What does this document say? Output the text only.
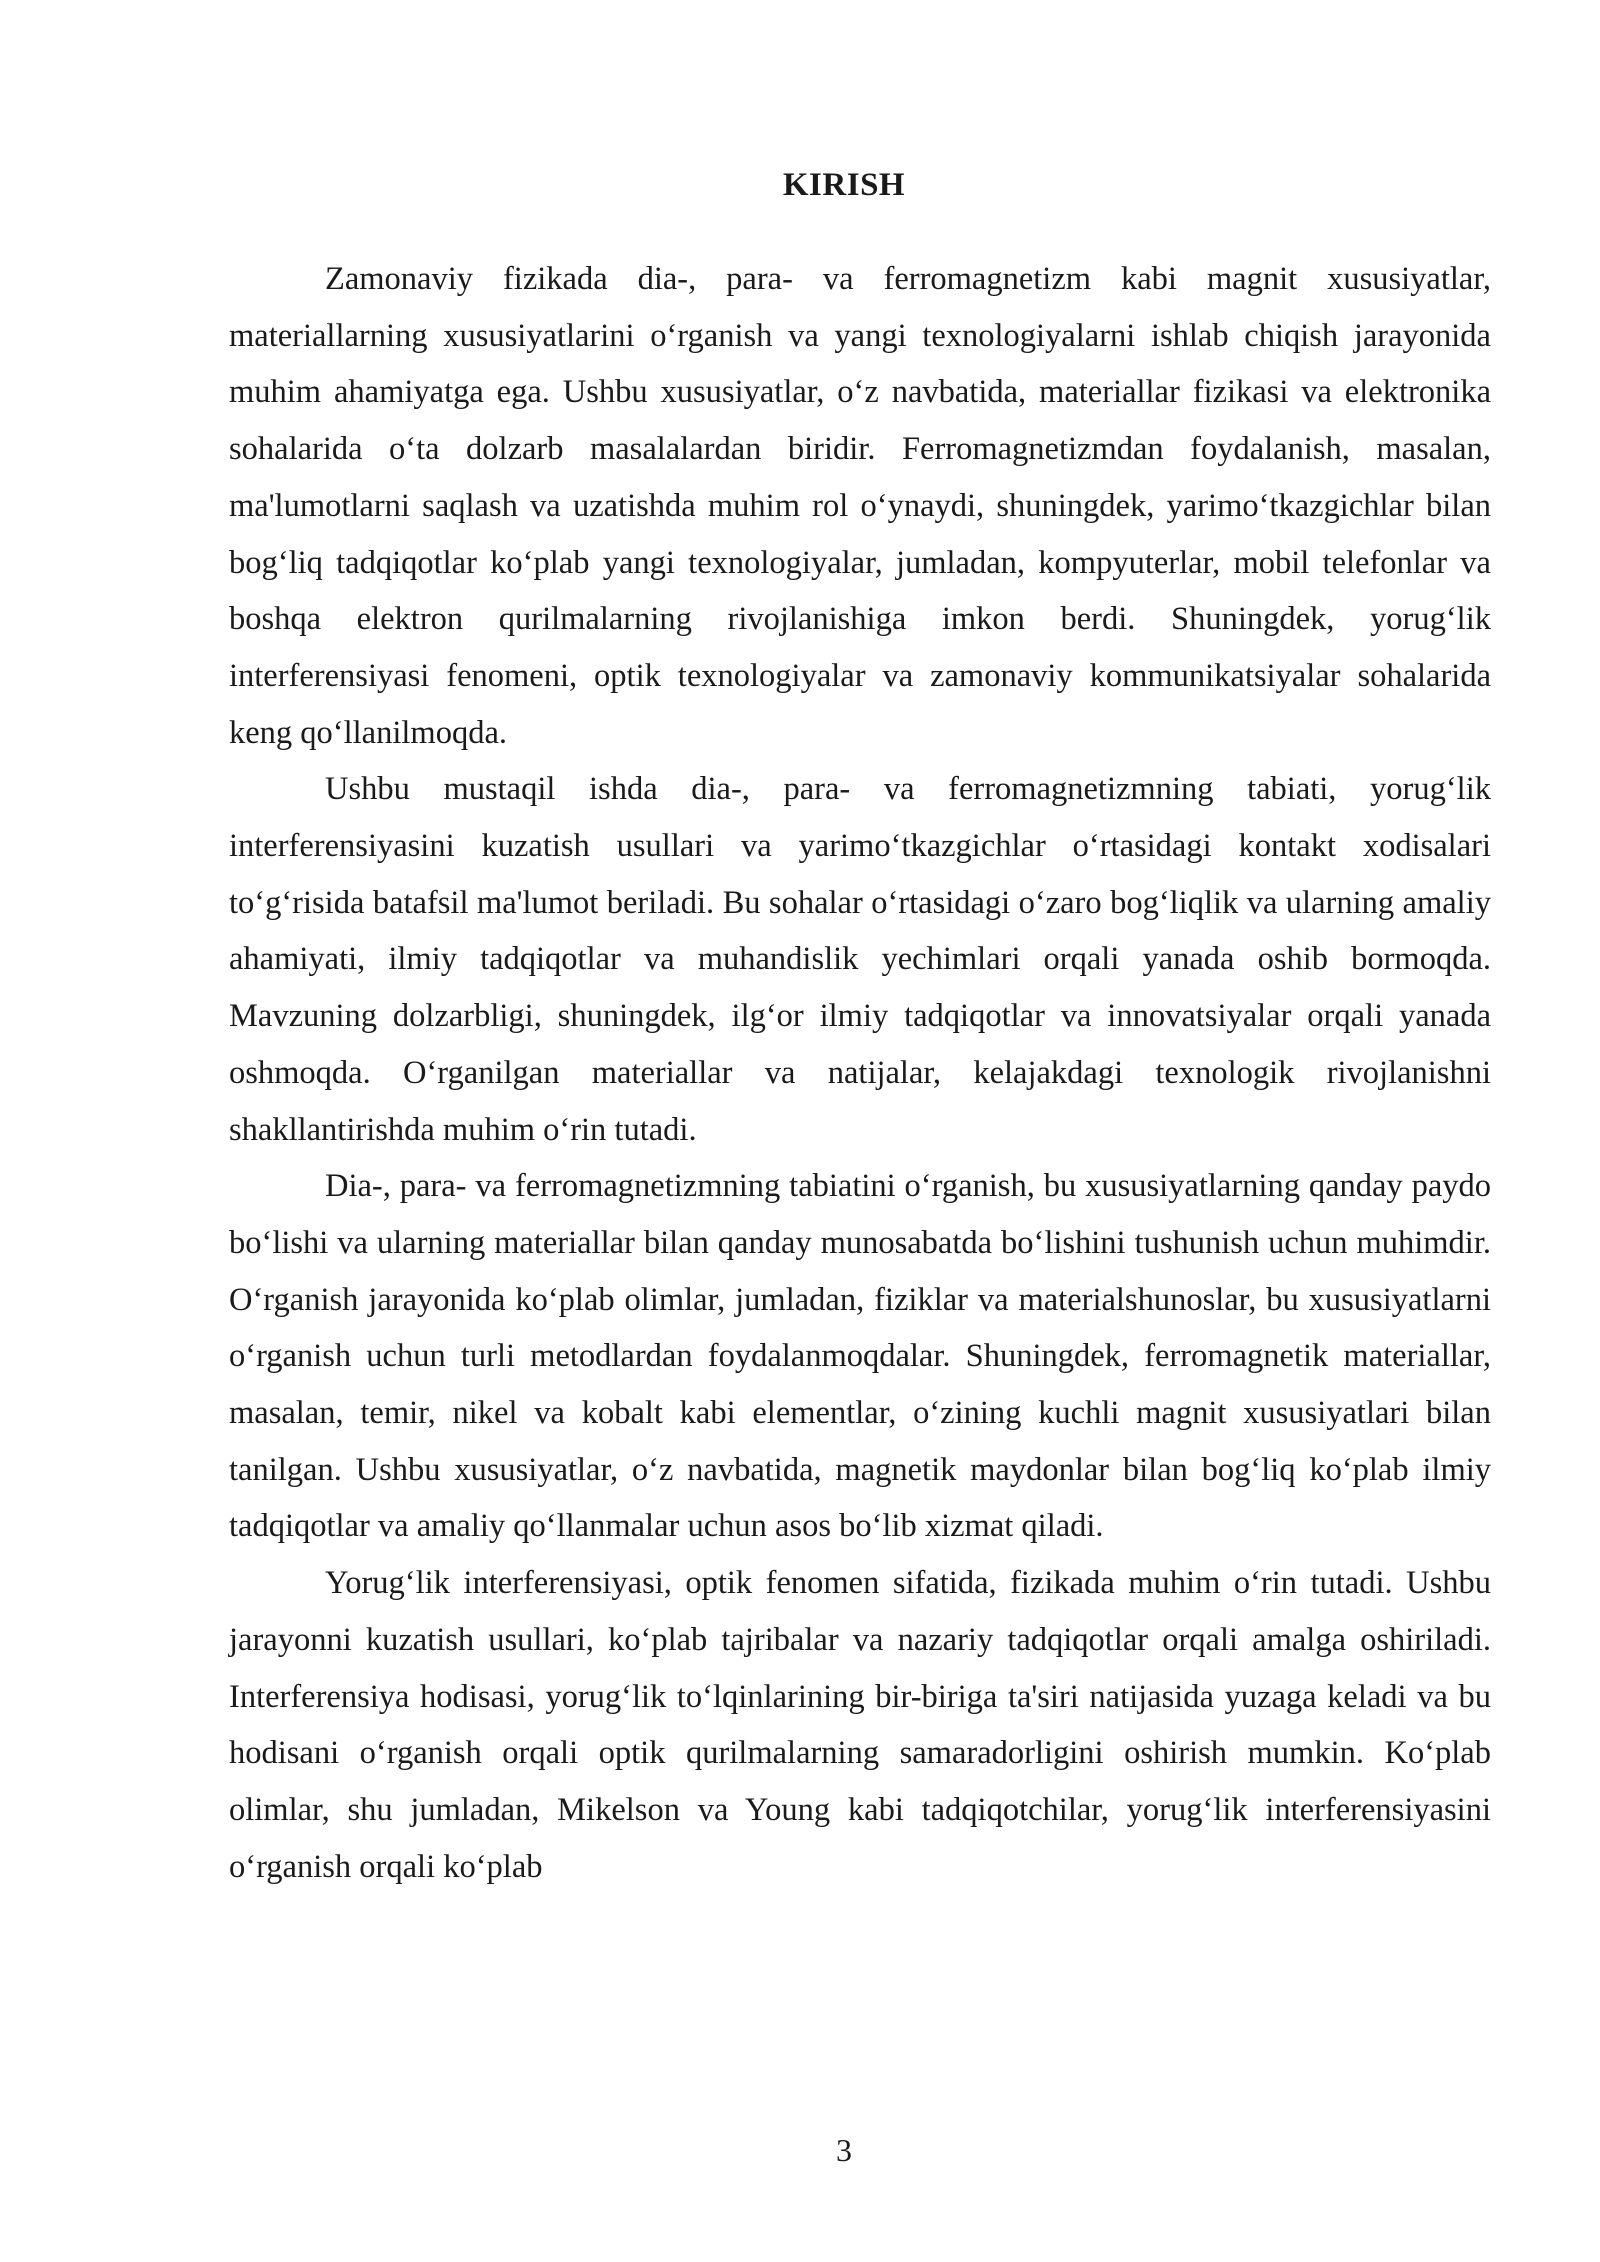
KIRISH

Zamonaviy fizikada dia-, para- va ferromagnetizm kabi magnit xususiyatlar, materiallarning xususiyatlarini o‘rganish va yangi texnologiyalarni ishlab chiqish jarayonida muhim ahamiyatga ega. Ushbu xususiyatlar, o‘z navbatida, materiallar fizikasi va elektronika sohalarida o‘ta dolzarb masalalardan biridir. Ferromagnetizmdan foydalanish, masalan, ma'lumotlarni saqlash va uzatishda muhim rol o‘ynaydi, shuningdek, yarimo‘tkazgichlar bilan bog‘liq tadqiqotlar ko‘plab yangi texnologiyalar, jumladan, kompyuterlar, mobil telefonlar va boshqa elektron qurilmalarning rivojlanishiga imkon berdi. Shuningdek, yorug‘lik interferensiyasi fenomeni, optik texnologiyalar va zamonaviy kommunikatsiyalar sohalarida keng qo‘llanilmoqda.

Ushbu mustaqil ishda dia-, para- va ferromagnetizmning tabiati, yorug‘lik interferensiyasini kuzatish usullari va yarimo‘tkazgichlar o‘rtasidagi kontakt xodisalari to‘g‘risida batafsil ma'lumot beriladi. Bu sohalar o‘rtasidagi o‘zaro bog‘liqlik va ularning amaliy ahamiyati, ilmiy tadqiqotlar va muhandislik yechimlari orqali yanada oshib bormoqda. Mavzuning dolzarbligi, shuningdek, ilg‘or ilmiy tadqiqotlar va innovatsiyalar orqali yanada oshmoqda. O‘rganilgan materiallar va natijalar, kelajakdagi texnologik rivojlanishni shakllantirishda muhim o‘rin tutadi.

Dia-, para- va ferromagnetizmning tabiatini o‘rganish, bu xususiyatlarning qanday paydo bo‘lishi va ularning materiallar bilan qanday munosabatda bo‘lishini tushunish uchun muhimdir. O‘rganish jarayonida ko‘plab olimlar, jumladan, fiziklar va materialshunoslar, bu xususiyatlarni o‘rganish uchun turli metodlardan foydalanmoqdalar. Shuningdek, ferromagnetik materiallar, masalan, temir, nikel va kobalt kabi elementlar, o‘zining kuchli magnit xususiyatlari bilan tanilgan. Ushbu xususiyatlar, o‘z navbatida, magnetik maydonlar bilan bog‘liq ko‘plab ilmiy tadqiqotlar va amaliy qo‘llanmalar uchun asos bo‘lib xizmat qiladi.

Yorug‘lik interferensiyasi, optik fenomen sifatida, fizikada muhim o‘rin tutadi. Ushbu jarayonni kuzatish usullari, ko‘plab tajribalar va nazariy tadqiqotlar orqali amalga oshiriladi. Interferensiya hodisasi, yorug‘lik to‘lqinlarining bir-biriga ta'siri natijasida yuzaga keladi va bu hodisani o‘rganish orqali optik qurilmalarning samaradorligini oshirish mumkin. Ko‘plab olimlar, shu jumladan, Mikelson va Young kabi tadqiqotchilar, yorug‘lik interferensiyasini o‘rganish orqali ko‘plab

3
